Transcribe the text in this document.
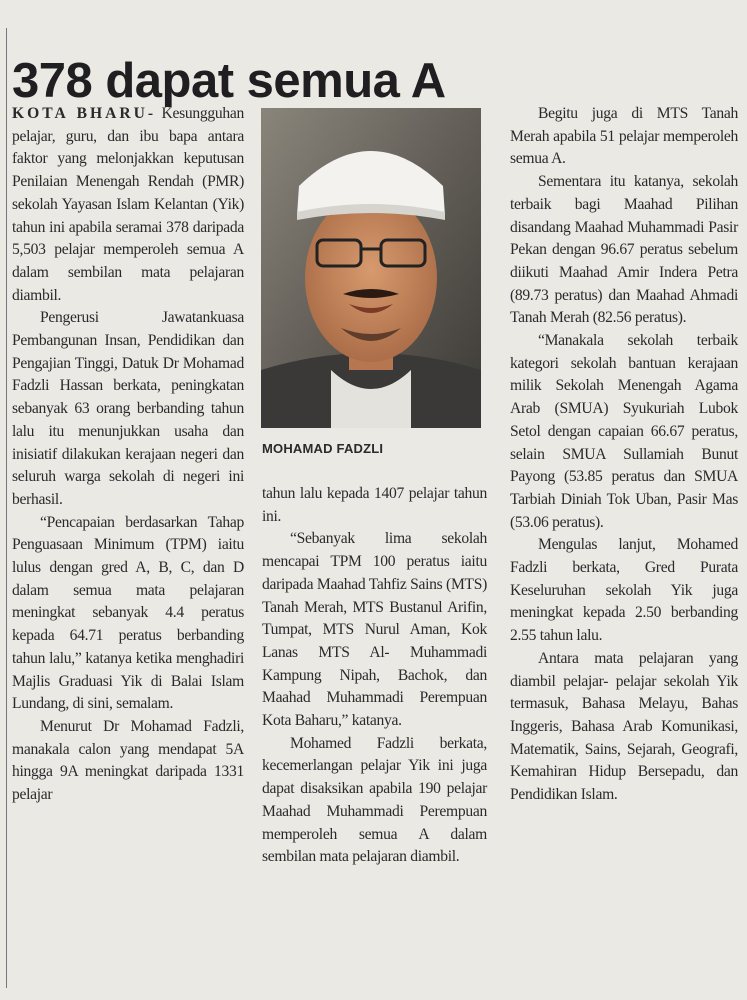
378 dapat semua A

KOTA BHARU- Kesungguhan pelajar, guru, dan ibu bapa antara faktor yang melonjakkan keputusan Penilaian Menengah Rendah (PMR) sekolah Yayasan Islam Kelantan (Yik) tahun ini apabila seramai 378 daripada 5,503 pelajar memperoleh semua A dalam sembilan mata pelajaran diambil.

Pengerusi Jawatankuasa Pembangunan Insan, Pendidikan dan Pengajian Tinggi, Datuk Dr Mohamad Fadzli Hassan berkata, peningkatan sebanyak 63 orang berbanding tahun lalu itu menunjukkan usaha dan inisiatif dilakukan kerajaan negeri dan seluruh warga sekolah di negeri ini berhasil.

“Pencapaian berdasarkan Tahap Penguasaan Minimum (TPM) iaitu lulus dengan gred A, B, C, dan D dalam semua mata pelajaran meningkat sebanyak 4.4 peratus kepada 64.71 peratus berbanding tahun lalu,” katanya ketika menghadiri Majlis Graduasi Yik di Balai Islam Lundang, di sini, semalam.

Menurut Dr Mohamad Fadzli, manakala calon yang mendapat 5A hingga 9A meningkat daripada 1331 pelajar

MOHAMAD FADZLI

tahun lalu kepada 1407 pelajar tahun ini.

“Sebanyak lima sekolah mencapai TPM 100 peratus iaitu daripada Maahad Tahfiz Sains (MTS) Tanah Merah, MTS Bustanul Arifin, Tumpat, MTS Nurul Aman, Kok Lanas MTS Al- Muhammadi Kampung Nipah, Bachok, dan Maahad Muhammadi Perempuan Kota Baharu,” katanya.

Mohamed Fadzli berkata, kecemerlangan pelajar Yik ini juga dapat disaksikan apabila 190 pelajar Maahad Muhammadi Perempuan memperoleh semua A dalam sembilan mata pelajaran diambil.

Begitu juga di MTS Tanah Merah apabila 51 pelajar memperoleh semua A.

Sementara itu katanya, sekolah terbaik bagi Maahad Pilihan disandang Maahad Muhammadi Pasir Pekan dengan 96.67 peratus sebelum diikuti Maahad Amir Indera Petra (89.73 peratus) dan Maahad Ahmadi Tanah Merah (82.56 peratus).

“Manakala sekolah terbaik kategori sekolah bantuan kerajaan milik Sekolah Menengah Agama Arab (SMUA) Syukuriah Lubok Setol dengan capaian 66.67 peratus, selain SMUA Sullamiah Bunut Payong (53.85 peratus dan SMUA Tarbiah Diniah Tok Uban, Pasir Mas (53.06 peratus).

Mengulas lanjut, Mohamed Fadzli berkata, Gred Purata Keseluruhan sekolah Yik juga meningkat kepada 2.50 berbanding 2.55 tahun lalu.

Antara mata pelajaran yang diambil pelajar- pelajar sekolah Yik termasuk, Bahasa Melayu, Bahas Inggeris, Bahasa Arab Komunikasi, Matematik, Sains, Sejarah, Geografi, Kemahiran Hidup Bersepadu, dan Pendidikan Islam.
